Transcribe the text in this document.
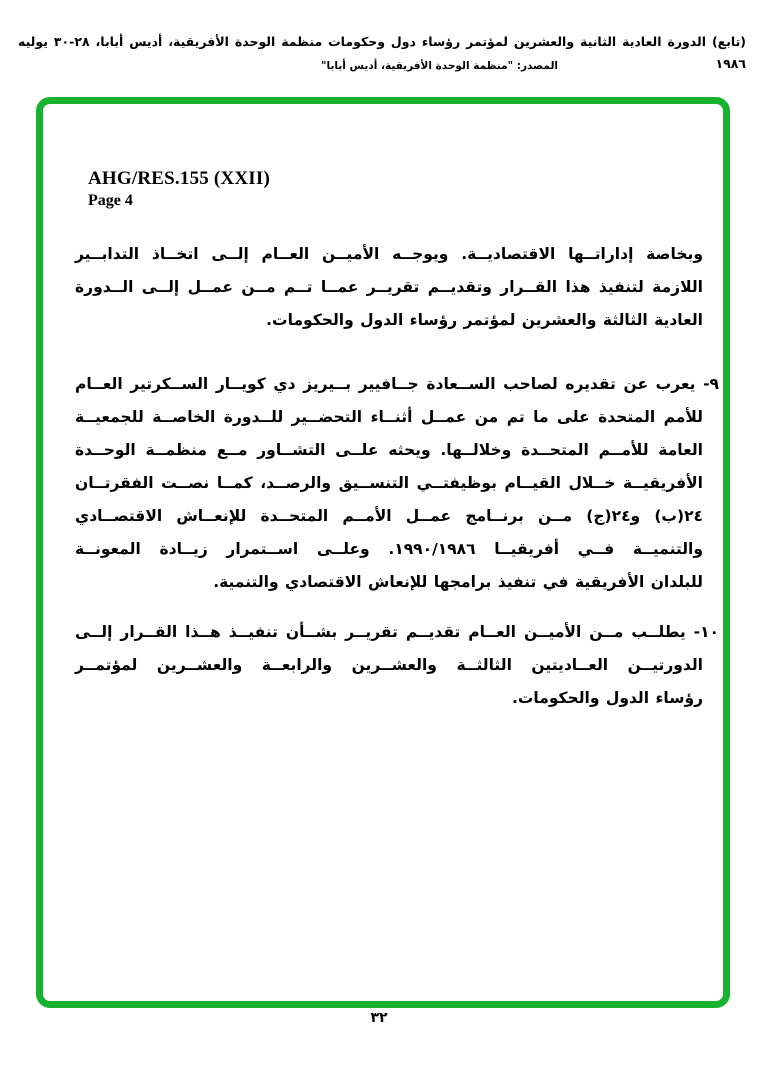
(تابع) الدورة العادية الثانية والعشرين لمؤتمر رؤساء دول وحكومات منظمة الوحدة الأفريقية، أديس أبابا، ٢٨-٣٠ يوليه ١٩٨٦
المصدر: "منظمة الوحدة الأفريقية، أديس أبابا"
AHG/RES.155 (XXII)
Page 4
وبخاصة إداراتــها الاقتصاديــة. ويوجــه الأميــن العــام إلــى اتخــاذ التدابــير
اللازمة لتنفيذ هذا القــرار وتقديــم تقريــر عمــا تــم مــن عمــل إلــى الــدورة
العادية الثالثة والعشرين لمؤتمر رؤساء الدول والحكومات.
٩- يعرب عن تقديره لصاحب الســعادة جــافيير بــيريز دي كويــار الســكرتير العــام
للأمم المتحدة على ما تم من عمــل أثنــاء التحضــير للــدورة الخاصــة للجمعيــة
العامة للأمــم المتحــدة وخلالــها. ويحثه علــى التشــاور مــع منظمــة الوحــدة
الأفريقيــة خــلال القيــام بوظيفتــي التنســيق والرصــد، كمــا نصــت الفقرتــان
٢٤(ب) و٢٤(ج) مــن برنــامج عمــل الأمــم المتحــدة للإنعــاش الاقتصــادي
والتنميــة فــي أفريقيــا ١٩٩٠/١٩٨٦. وعلــى اســتمرار زيــادة المعونــة
للبلدان الأفريقية في تنفيذ برامجها للإنعاش الاقتصادي والتنمية.
١٠- يطلــب مــن الأميــن العــام تقديــم تقريــر بشــأن تنفيــذ هــذا القــرار إلــى
الدورتيــن العــاديتين الثالثــة والعشــرين والرابعــة والعشــرين لمؤتمــر
رؤساء الدول والحكومات.
٣٢
